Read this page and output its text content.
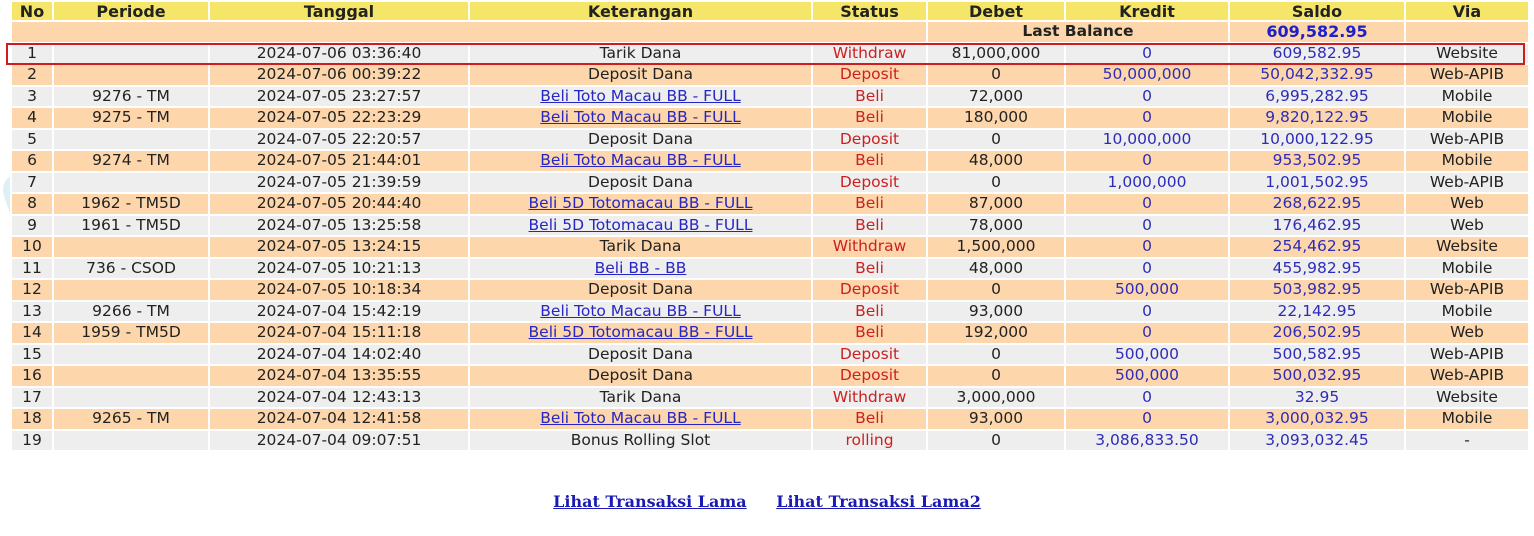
No	Periode	Tanggal	Keterangan	Status	Debet	Kredit	Saldo	Via
					Last Balance		609,582.95	
1		2024-07-06 03:36:40	Tarik Dana	Withdraw	81,000,000	0	609,582.95	Website
2		2024-07-06 00:39:22	Deposit Dana	Deposit	0	50,000,000	50,042,332.95	Web-APIB
3	9276 - TM	2024-07-05 23:27:57	Beli Toto Macau BB - FULL	Beli	72,000	0	6,995,282.95	Mobile
4	9275 - TM	2024-07-05 22:23:29	Beli Toto Macau BB - FULL	Beli	180,000	0	9,820,122.95	Mobile
5		2024-07-05 22:20:57	Deposit Dana	Deposit	0	10,000,000	10,000,122.95	Web-APIB
6	9274 - TM	2024-07-05 21:44:01	Beli Toto Macau BB - FULL	Beli	48,000	0	953,502.95	Mobile
7		2024-07-05 21:39:59	Deposit Dana	Deposit	0	1,000,000	1,001,502.95	Web-APIB
8	1962 - TM5D	2024-07-05 20:44:40	Beli 5D Totomacau BB - FULL	Beli	87,000	0	268,622.95	Web
9	1961 - TM5D	2024-07-05 13:25:58	Beli 5D Totomacau BB - FULL	Beli	78,000	0	176,462.95	Web
10		2024-07-05 13:24:15	Tarik Dana	Withdraw	1,500,000	0	254,462.95	Website
11	736 - CSOD	2024-07-05 10:21:13	Beli BB - BB	Beli	48,000	0	455,982.95	Mobile
12		2024-07-05 10:18:34	Deposit Dana	Deposit	0	500,000	503,982.95	Web-APIB
13	9266 - TM	2024-07-04 15:42:19	Beli Toto Macau BB - FULL	Beli	93,000	0	22,142.95	Mobile
14	1959 - TM5D	2024-07-04 15:11:18	Beli 5D Totomacau BB - FULL	Beli	192,000	0	206,502.95	Web
15		2024-07-04 14:02:40	Deposit Dana	Deposit	0	500,000	500,582.95	Web-APIB
16		2024-07-04 13:35:55	Deposit Dana	Deposit	0	500,000	500,032.95	Web-APIB
17		2024-07-04 12:43:13	Tarik Dana	Withdraw	3,000,000	0	32.95	Website
18	9265 - TM	2024-07-04 12:41:58	Beli Toto Macau BB - FULL	Beli	93,000	0	3,000,032.95	Mobile
19		2024-07-04 09:07:51	Bonus Rolling Slot	rolling	0	3,086,833.50	3,093,032.45	-
Lihat Transaksi Lama Lihat Transaksi Lama2
